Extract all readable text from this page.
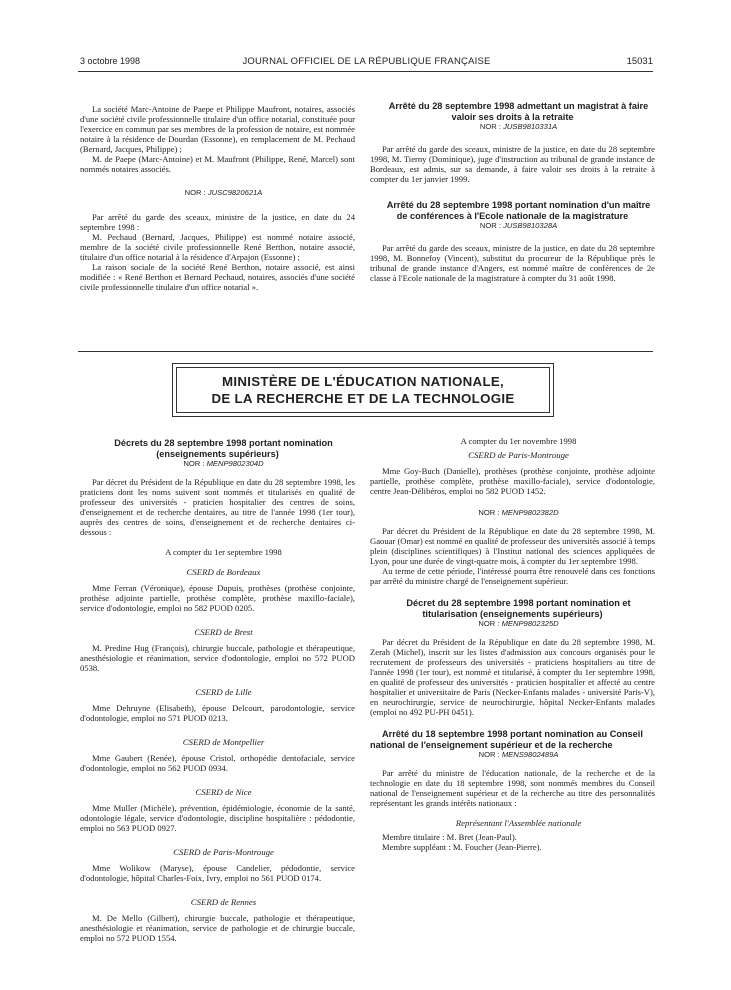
3 octobre 1998	JOURNAL OFFICIEL DE LA RÉPUBLIQUE FRANÇAISE	15031

La société Marc-Antoine de Paepe et Philippe Maufront, notaires, associés d'une société civile professionnelle titulaire d'un office notarial, constituée pour l'exercice en commun par ses membres de la profession de notaire, est nommée notaire à la résidence de Dourdan (Essonne), en remplacement de M. Pechaud (Bernard, Jacques, Philippe) ;

M. de Paepe (Marc-Antoine) et M. Maufront (Philippe, René, Marcel) sont nommés notaires associés.

NOR : JUSC9820621A

Par arrêté du garde des sceaux, ministre de la justice, en date du 24 septembre 1998 :

M. Pechaud (Bernard, Jacques, Philippe) est nommé notaire associé, membre de la société civile professionnelle René Berthon, notaire associé, titulaire d'un office notarial à la résidence d'Arpajon (Essonne) ;

La raison sociale de la société René Berthon, notaire associé, est ainsi modifiée : « René Berthon et Bernard Pechaud, notaires, associés d'une société civile professionnelle titulaire d'un office notarial ».

Arrêté du 28 septembre 1998 admettant un magistrat à faire valoir ses droits à la retraite

NOR : JUSB9810331A

Par arrêté du garde des sceaux, ministre de la justice, en date du 28 septembre 1998, M. Tierny (Dominique), juge d'instruction au tribunal de grande instance de Bordeaux, est admis, sur sa demande, à faire valoir ses droits à la retraite à compter du 1er janvier 1999.

Arrêté du 28 septembre 1998 portant nomination d'un maître de conférences à l'Ecole nationale de la magistrature

NOR : JUSB9810328A

Par arrêté du garde des sceaux, ministre de la justice, en date du 28 septembre 1998, M. Bonnefoy (Vincent), substitut du procureur de la République près le tribunal de grande instance d'Angers, est nommé maître de conférences de 2e classe à l'Ecole nationale de la magistrature à compter du 31 août 1998.

MINISTÈRE DE L'ÉDUCATION NATIONALE,
DE LA RECHERCHE ET DE LA TECHNOLOGIE

Décrets du 28 septembre 1998 portant nomination (enseignements supérieurs)

NOR : MENP9802304D

Par décret du Président de la République en date du 28 septembre 1998, les praticiens dont les noms suivent sont nommés et titularisés en qualité de professeur des universités - praticien hospitalier des centres de soins, d'enseignement et de recherche dentaires, au titre de l'année 1998 (1er tour), auprès des centres de soins, d'enseignement et de recherche dentaires ci-dessous :

A compter du 1er septembre 1998

CSERD de Bordeaux

Mme Ferran (Véronique), épouse Dupuis, prothèses (prothèse conjointe, prothèse adjointe partielle, prothèse complète, prothèse maxillo-faciale), service d'odontologie, emploi no 582 PUOD 0205.

CSERD de Brest

M. Predine Hug (François), chirurgie buccale, pathologie et thérapeutique, anesthésiologie et réanimation, service d'odontologie, emploi no 572 PUOD 0538.

CSERD de Lille

Mme Dehruyne (Elisabeth), épouse Delcourt, parodontologie, service d'odontologie, emploi no 571 PUOD 0213.

CSERD de Montpellier

Mme Gaubert (Renée), épouse Cristol, orthopédie dentofaciale, service d'odontologie, emploi no 562 PUOD 0934.

CSERD de Nice

Mme Muller (Michèle), prévention, épidémiologie, économie de la santé, odontologie légale, service d'odontologie, discipline hospitalière : pédodontie, emploi no 563 PUOD 0927.

CSERD de Paris-Montrouge

Mme Wolikow (Maryse), épouse Candelier, pédodontie, service d'odontologie, hôpital Charles-Foix, Ivry, emploi no 561 PUOD 0174.

CSERD de Rennes

M. De Mello (Gilbert), chirurgie buccale, pathologie et thérapeutique, anesthésiologie et réanimation, service de pathologie et de chirurgie buccale, emploi no 572 PUOD 1554.

A compter du 1er novembre 1998

CSERD de Paris-Montrouge

Mme Goy-Buch (Danielle), prothèses (prothèse conjointe, prothèse adjointe partielle, prothèse complète, prothèse maxillo-faciale), service d'odontologie, centre Jean-Délibéros, emploi no 582 PUOD 1452.

NOR : MENP9802382D

Par décret du Président de la République en date du 28 septembre 1998, M. Gaouar (Omar) est nommé en qualité de professeur des universités associé à temps plein (disciplines scientifiques) à l'Institut national des sciences appliquées de Lyon, pour une durée de vingt-quatre mois, à compter du 1er septembre 1998.

Au terme de cette période, l'intéressé pourra être renouvelé dans ces fonctions par arrêté du ministre chargé de l'enseignement supérieur.

Décret du 28 septembre 1998 portant nomination et titularisation (enseignements supérieurs)

NOR : MENP9802325D

Par décret du Président de la République en date du 28 septembre 1998, M. Zerah (Michel), inscrit sur les listes d'admission aux concours organisés pour le recrutement de professeurs des universités - praticiens hospitaliers au titre de l'année 1998 (1er tour), est nommé et titularisé, à compter du 1er septembre 1998, en qualité de professeur des universités - praticien hospitalier et affecté au centre hospitalier et universitaire de Paris (Necker-Enfants malades - université Paris-V), en neurochirurgie, service de neurochirurgie, hôpital Necker-Enfants malades (emploi no 492 PU-PH 0451).

Arrêté du 18 septembre 1998 portant nomination au Conseil national de l'enseignement supérieur et de la recherche

NOR : MENS9802489A

Par arrêté du ministre de l'éducation nationale, de la recherche et de la technologie en date du 18 septembre 1998, sont nommés membres du Conseil national de l'enseignement supérieur et de la recherche au titre des personnalités représentant les grands intérêts nationaux :

Représentant l'Assemblée nationale

Membre titulaire : M. Bret (Jean-Paul).

Membre suppléant : M. Foucher (Jean-Pierre).
